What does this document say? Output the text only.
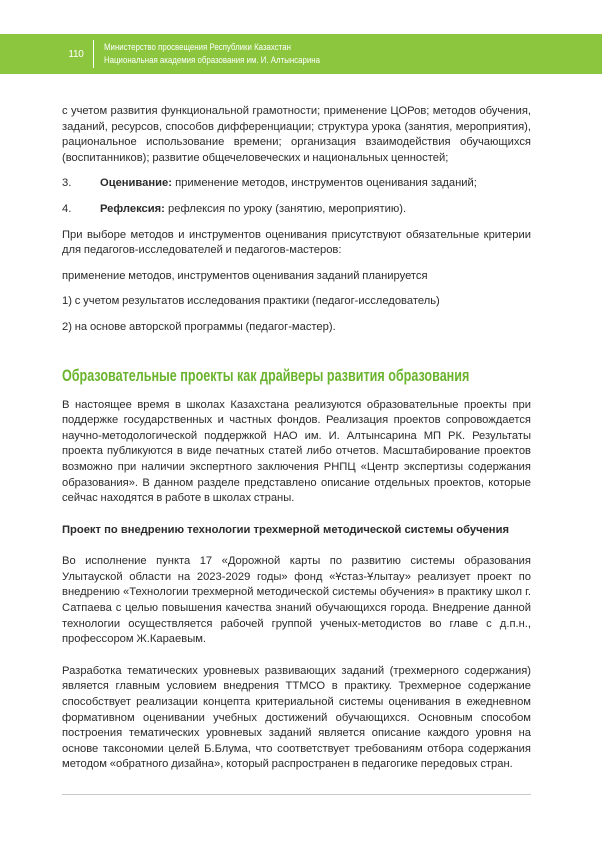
110
Министерство просвещения Республики Казахстан
Национальная академия образования им. И. Алтынсарина

с учетом развития функциональной грамотности; применение ЦОРов; методов обучения, заданий, ресурсов, способов дифференциации; структура урока (занятия, мероприятия), рациональное использование времени; организация взаимодействия обучающихся (воспитанников); развитие общечеловеческих и национальных ценностей;

3.	Оценивание: применение методов, инструментов оценивания заданий;
4.	Рефлексия: рефлексия по уроку (занятию, мероприятию).

При выборе методов и инструментов оценивания присутствуют обязательные критерии для педагогов-исследователей и педагогов-мастеров:

применение методов, инструментов оценивания заданий планируется

1) с учетом результатов исследования практики (педагог-исследователь)

2) на основе авторской программы (педагог-мастер).

Образовательные проекты как драйверы развития образования

В настоящее время в школах Казахстана реализуются образовательные проекты при поддержке государственных и частных фондов. Реализация проектов сопровождается научно-методологической поддержкой НАО им. И. Алтынсарина МП РК. Результаты проекта публикуются в виде печатных статей либо отчетов. Масштабирование проектов возможно при наличии экспертного заключения РНПЦ «Центр экспертизы содержания образования». В данном разделе представлено описание отдельных проектов, которые сейчас находятся в работе в школах страны.

Проект по внедрению технологии трехмерной методической системы обучения

Во исполнение пункта 17 «Дорожной карты по развитию системы образования Улытауской области на 2023-2029 годы» фонд «Ұстаз-Ұлытау» реализует проект по внедрению «Технологии трехмерной методической системы обучения» в практику школ г. Сатпаева с целью повышения качества знаний обучающихся города. Внедрение данной технологии осуществляется рабочей группой ученых-методистов во главе с д.п.н., профессором Ж.Караевым.

Разработка тематических уровневых развивающих заданий (трехмерного содержания) является главным условием внедрения ТТМСО в практику. Трехмерное содержание способствует реализации концепта критериальной системы оценивания в ежедневном формативном оценивании учебных достижений обучающихся. Основным способом построения тематических уровневых заданий является описание каждого уровня на основе таксономии целей Б.Блума, что соответствует требованиям отбора содержания методом «обратного дизайна», который распространен в педагогике передовых стран.
